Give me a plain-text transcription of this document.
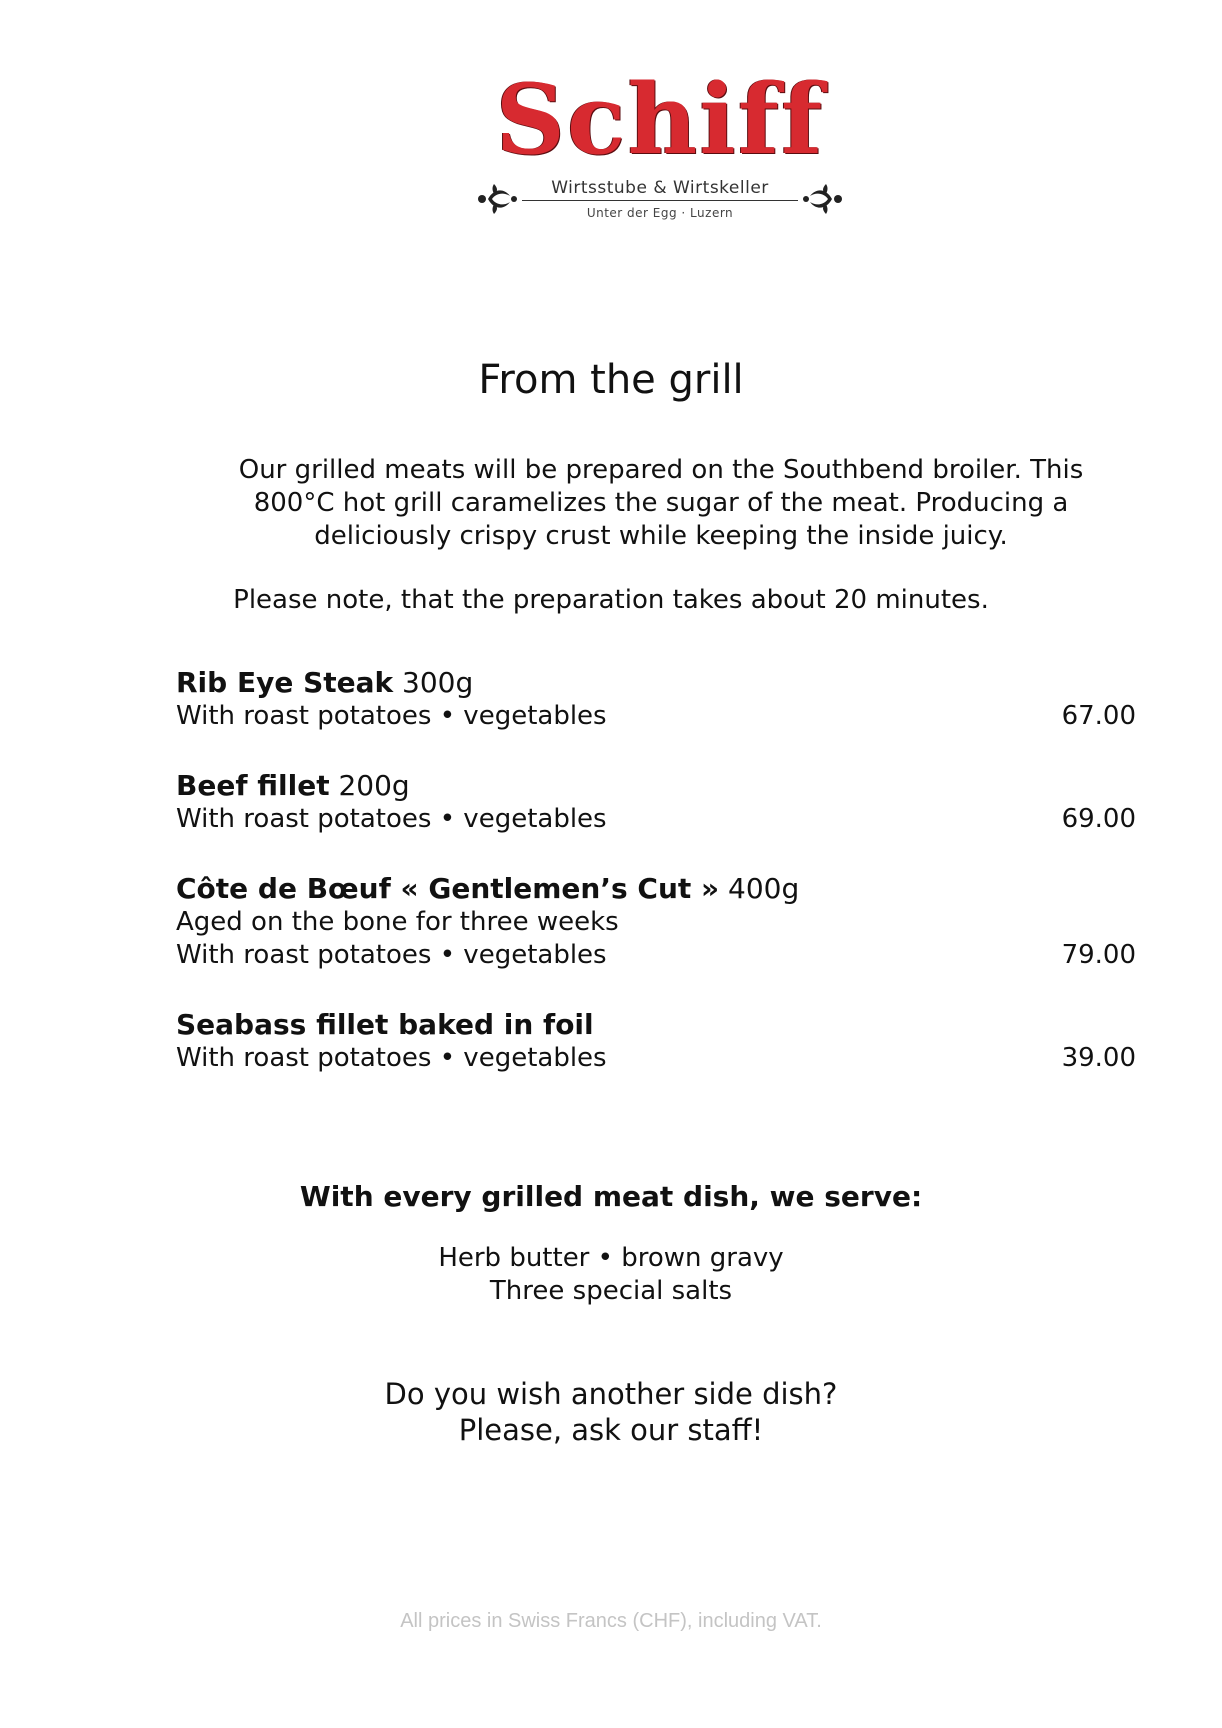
Schiff
Wirtsstube & Wirtskeller
Unter der Egg · Luzern
From the grill
Our grilled meats will be prepared on the Southbend broiler. This
800°C hot grill caramelizes the sugar of the meat. Producing a
deliciously crispy crust while keeping the inside juicy.
Please note, that the preparation takes about 20 minutes.
Rib Eye Steak 300g
With roast potatoes • vegetables	67.00
Beef fillet 200g
With roast potatoes • vegetables	69.00
Côte de Bœuf « Gentlemen’s Cut » 400g
Aged on the bone for three weeks
With roast potatoes • vegetables	79.00
Seabass fillet baked in foil
With roast potatoes • vegetables	39.00
With every grilled meat dish, we serve:
Herb butter • brown gravy
Three special salts
Do you wish another side dish?
Please, ask our staff!
All prices in Swiss Francs (CHF), including VAT.
